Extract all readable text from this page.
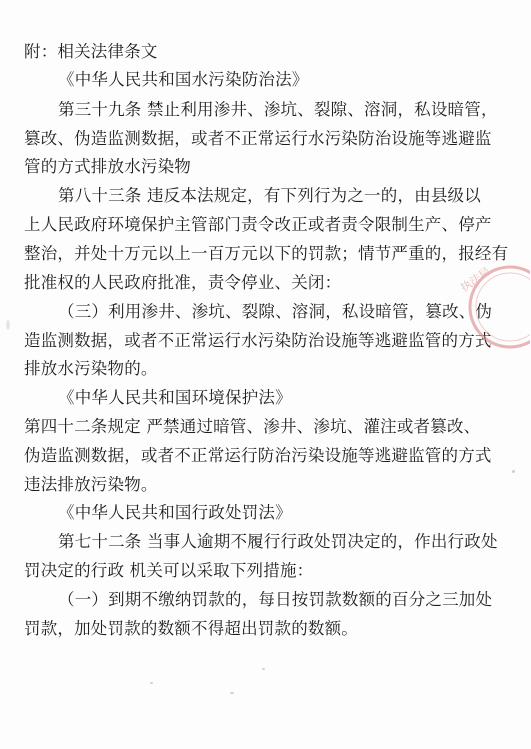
附：相关法律条文
《中华人民共和国水污染防治法》
第三十九条 禁止利用渗井、渗坑、裂隙、溶洞，私设暗管，
篡改、伪造监测数据，或者不正常运行水污染防治设施等逃避监
管的方式排放水污染物
第八十三条 违反本法规定，有下列行为之一的，由县级以
上人民政府环境保护主管部门责令改正或者责令限制生产、停产
整治，并处十万元以上一百万元以下的罚款；情节严重的，报经有
批准权的人民政府批准，责令停业、关闭：
（三）利用渗井、渗坑、裂隙、溶洞，私设暗管，篡改、伪
造监测数据，或者不正常运行水污染防治设施等逃避监管的方式
排放水污染物的。
《中华人民共和国环境保护法》
第四十二条规定 严禁通过暗管、渗井、渗坑、灌注或者篡改、
伪造监测数据，或者不正常运行防治污染设施等逃避监管的方式
违法排放污染物。
《中华人民共和国行政处罚法》
第七十二条 当事人逾期不履行行政处罚决定的，作出行政处
罚决定的行政 机关可以采取下列措施：
（一）到期不缴纳罚款的，每日按罚款数额的百分之三加处
罚款，加处罚款的数额不得超出罚款的数额。
执法局
